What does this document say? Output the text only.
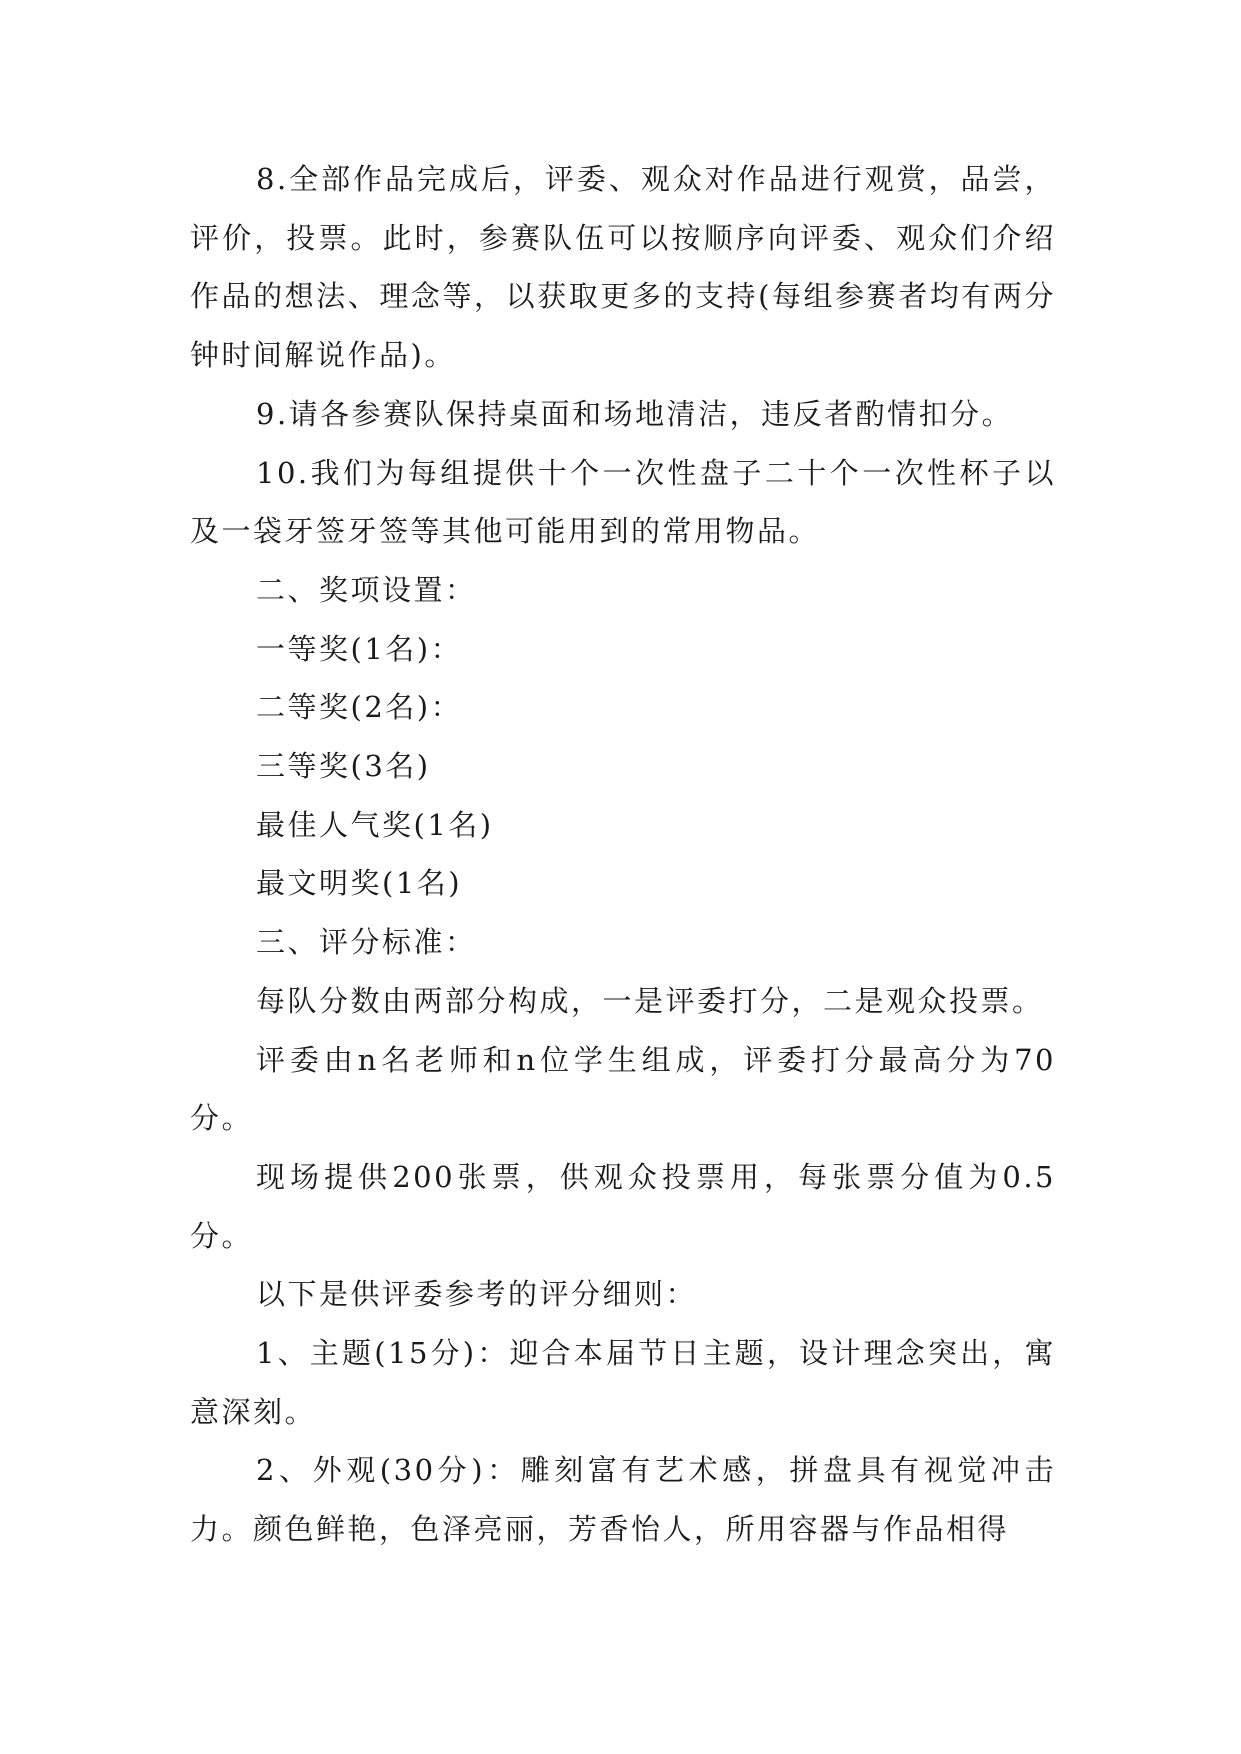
8.全部作品完成后，评委、观众对作品进行观赏，品尝，评价，投票。此时，参赛队伍可以按顺序向评委、观众们介绍作品的想法、理念等，以获取更多的支持(每组参赛者均有两分钟时间解说作品)。

9.请各参赛队保持桌面和场地清洁，违反者酌情扣分。

10.我们为每组提供十个一次性盘子二十个一次性杯子以及一袋牙签牙签等其他可能用到的常用物品。

二、奖项设置：

一等奖(1名)：

二等奖(2名)：

三等奖(3名)

最佳人气奖(1名)

最文明奖(1名)

三、评分标准：

每队分数由两部分构成，一是评委打分，二是观众投票。

评委由n名老师和n位学生组成，评委打分最高分为70分。

现场提供200张票，供观众投票用，每张票分值为0.5分。

以下是供评委参考的评分细则：

1、主题(15分)：迎合本届节日主题，设计理念突出，寓意深刻。

2、外观(30分)：雕刻富有艺术感，拼盘具有视觉冲击力。颜色鲜艳，色泽亮丽，芳香怡人，所用容器与作品相得
